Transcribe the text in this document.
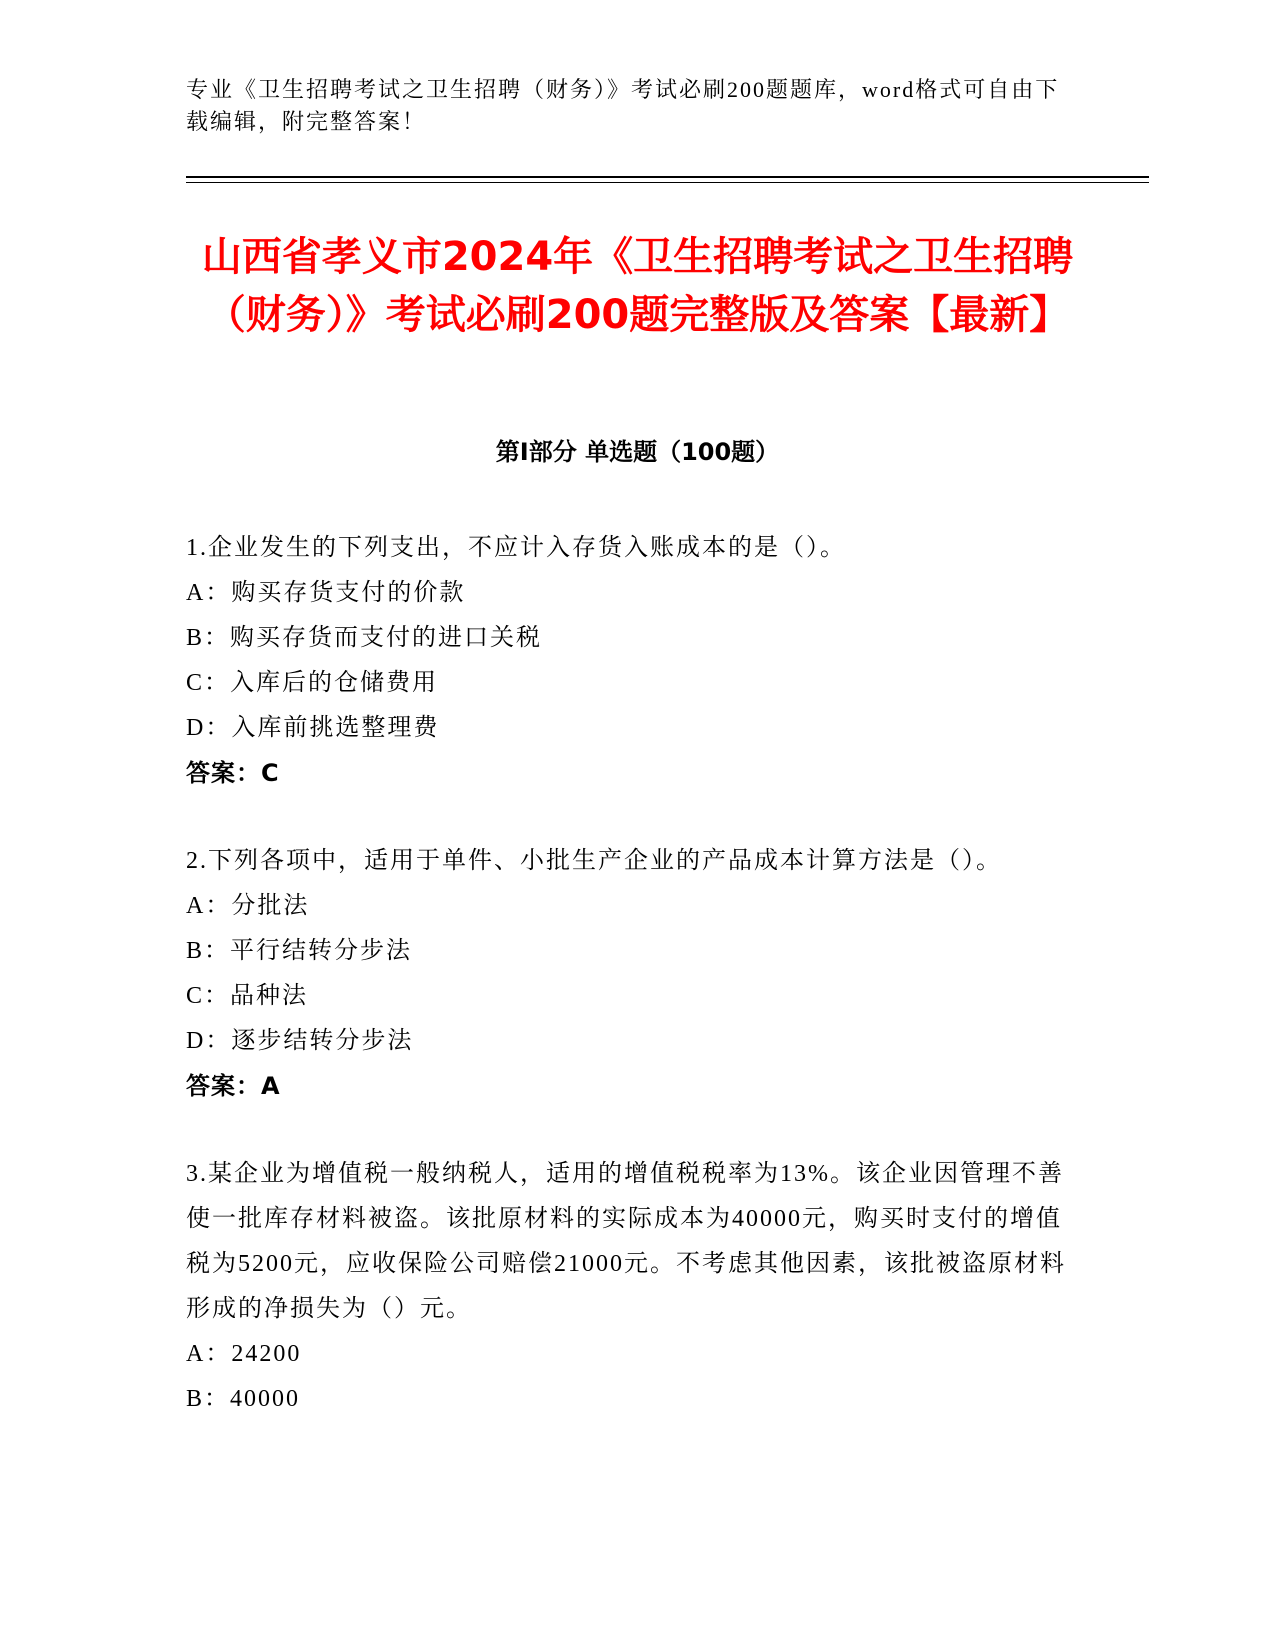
专业《卫生招聘考试之卫生招聘（财务）》考试必刷200题题库，word格式可自由下载编辑，附完整答案！
山西省孝义市2024年《卫生招聘考试之卫生招聘（财务）》考试必刷200题完整版及答案【最新】
第I部分 单选题（100题）

1.企业发生的下列支出，不应计入存货入账成本的是（）。

A：购买存货支付的价款

B：购买存货而支付的进口关税

C：入库后的仓储费用

D：入库前挑选整理费

答案：C

2.下列各项中，适用于单件、小批生产企业的产品成本计算方法是（）。

A：分批法

B：平行结转分步法

C：品种法

D：逐步结转分步法

答案：A

3.某企业为增值税一般纳税人，适用的增值税税率为13%。该企业因管理不善使一批库存材料被盗。该批原材料的实际成本为40000元，购买时支付的增值税为5200元，应收保险公司赔偿21000元。不考虑其他因素，该批被盗原材料形成的净损失为（）元。

A：24200

B：40000
